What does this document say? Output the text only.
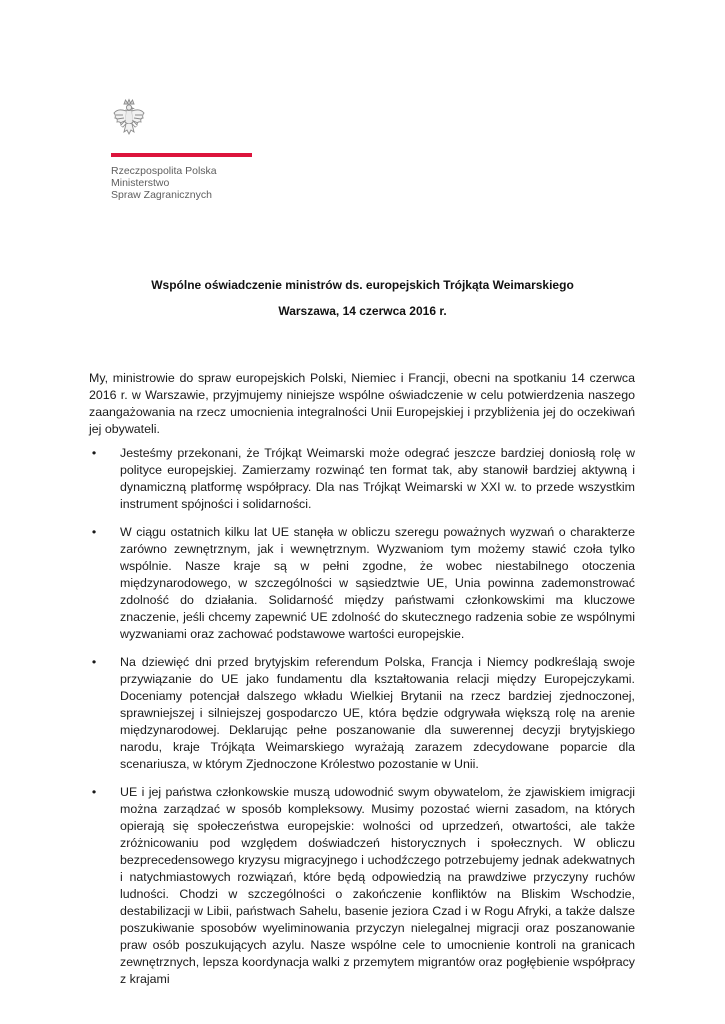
Rzeczpospolita Polska
Ministerstwo
Spraw Zagranicznych
Wspólne oświadczenie ministrów ds. europejskich Trójkąta Weimarskiego
Warszawa, 14 czerwca 2016 r.

My, ministrowie do spraw europejskich Polski, Niemiec i Francji, obecni na spotkaniu 14 czerwca 2016 r. w Warszawie, przyjmujemy niniejsze wspólne oświadczenie w celu potwierdzenia naszego zaangażowania na rzecz umocnienia integralności Unii Europejskiej i przybliżenia jej do oczekiwań jej obywateli.

• Jesteśmy przekonani, że Trójkąt Weimarski może odegrać jeszcze bardziej doniosłą rolę w polityce europejskiej. Zamierzamy rozwinąć ten format tak, aby stanowił bardziej aktywną i dynamiczną platformę współpracy. Dla nas Trójkąt Weimarski w XXI w. to przede wszystkim instrument spójności i solidarności.
• W ciągu ostatnich kilku lat UE stanęła w obliczu szeregu poważnych wyzwań o charakterze zarówno zewnętrznym, jak i wewnętrznym. Wyzwaniom tym możemy stawić czoła tylko wspólnie. Nasze kraje są w pełni zgodne, że wobec niestabilnego otoczenia międzynarodowego, w szczególności w sąsiedztwie UE, Unia powinna zademonstrować zdolność do działania. Solidarność między państwami członkowskimi ma kluczowe znaczenie, jeśli chcemy zapewnić UE zdolność do skutecznego radzenia sobie ze wspólnymi wyzwaniami oraz zachować podstawowe wartości europejskie.
• Na dziewięć dni przed brytyjskim referendum Polska, Francja i Niemcy podkreślają swoje przywiązanie do UE jako fundamentu dla kształtowania relacji między Europejczykami. Doceniamy potencjał dalszego wkładu Wielkiej Brytanii na rzecz bardziej zjednoczonej, sprawniejszej i silniejszej gospodarczo UE, która będzie odgrywała większą rolę na arenie międzynarodowej. Deklarując pełne poszanowanie dla suwerennej decyzji brytyjskiego narodu, kraje Trójkąta Weimarskiego wyrażają zarazem zdecydowane poparcie dla scenariusza, w którym Zjednoczone Królestwo pozostanie w Unii.
• UE i jej państwa członkowskie muszą udowodnić swym obywatelom, że zjawiskiem imigracji można zarządzać w sposób kompleksowy. Musimy pozostać wierni zasadom, na których opierają się społeczeństwa europejskie: wolności od uprzedzeń, otwartości, ale także zróżnicowaniu pod względem doświadczeń historycznych i społecznych. W obliczu bezprecedensowego kryzysu migracyjnego i uchodźczego potrzebujemy jednak adekwatnych i natychmiastowych rozwiązań, które będą odpowiedzią na prawdziwe przyczyny ruchów ludności. Chodzi w szczególności o zakończenie konfliktów na Bliskim Wschodzie, destabilizacji w Libii, państwach Sahelu, basenie jeziora Czad i w Rogu Afryki, a także dalsze poszukiwanie sposobów wyeliminowania przyczyn nielegalnej migracji oraz poszanowanie praw osób poszukujących azylu. Nasze wspólne cele to umocnienie kontroli na granicach zewnętrznych, lepsza koordynacja walki z przemytem migrantów oraz pogłębienie współpracy z krajami
